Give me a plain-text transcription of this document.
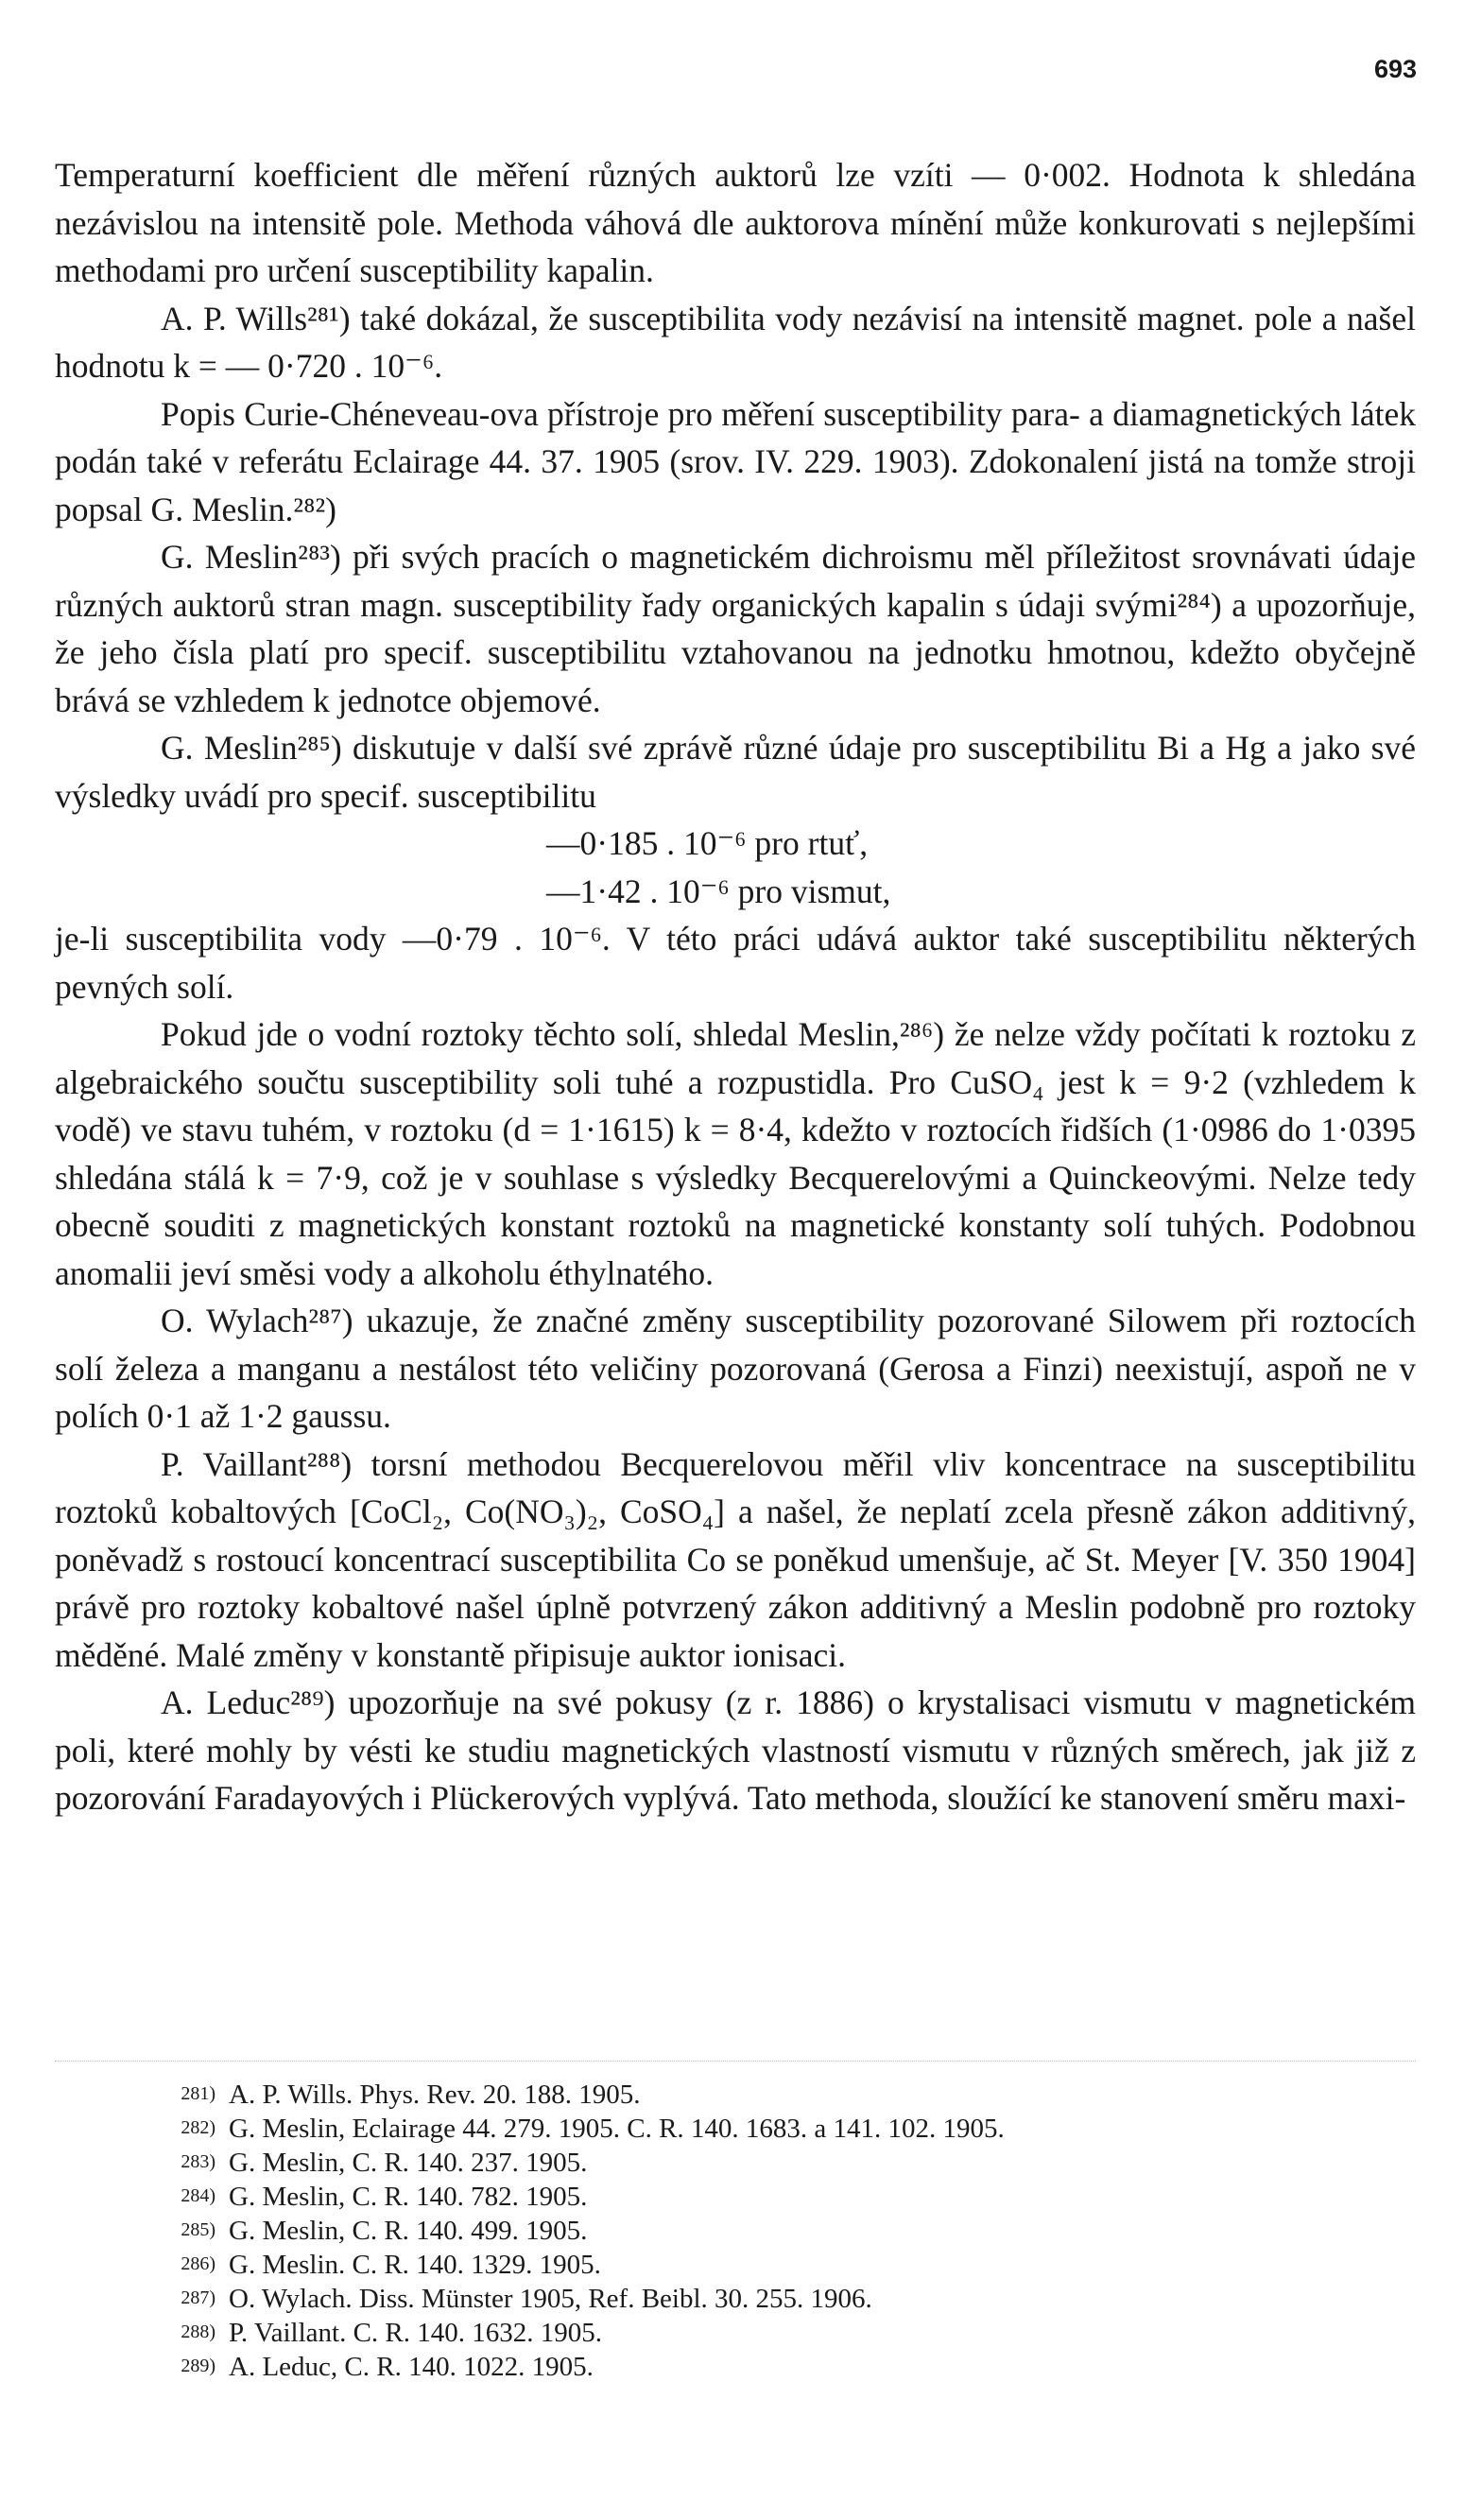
693

Temperaturní koefficient dle měření různých auktorů lze vzíti — 0·002. Hodnota k shledána nezávislou na intensitě pole. Methoda váhová dle auktorova mínění může konkurovati s nejlepšími methodami pro určení susceptibility kapalin.

A. P. Wills²⁸¹) také dokázal, že susceptibilita vody nezávisí na intensitě magnet. pole a našel hodnotu k = — 0·720 . 10⁻⁶.

Popis Curie-Chéneveau-ova přístroje pro měření susceptibility para- a diamagnetických látek podán také v referátu Eclairage 44. 37. 1905 (srov. IV. 229. 1903). Zdokonalení jistá na tomže stroji popsal G. Meslin.²⁸²)

G. Meslin²⁸³) při svých pracích o magnetickém dichroismu měl příležitost srovnávati údaje různých auktorů stran magn. susceptibility řady organických kapalin s údaji svými²⁸⁴) a upozorňuje, že jeho čísla platí pro specif. susceptibilitu vztahovanou na jednotku hmotnou, kdežto obyčejně brává se vzhledem k jednotce objemové.

G. Meslin²⁸⁵) diskutuje v další své zprávě různé údaje pro susceptibilitu Bi a Hg a jako své výsledky uvádí pro specif. susceptibilitu

—0·185 . 10⁻⁶ pro rtuť,

—1·42 . 10⁻⁶ pro vismut,

je-li susceptibilita vody —0·79 . 10⁻⁶. V této práci udává auktor také susceptibilitu některých pevných solí.

Pokud jde o vodní roztoky těchto solí, shledal Meslin,²⁸⁶) že nelze vždy počítati k roztoku z algebraického součtu susceptibility soli tuhé a rozpustidla. Pro CuSO₄ jest k = 9·2 (vzhledem k vodě) ve stavu tuhém, v roztoku (d = 1·1615) k = 8·4, kdežto v roztocích řidších (1·0986 do 1·0395 shledána stálá k = 7·9, což je v souhlase s výsledky Becquerelovými a Quinckeovými. Nelze tedy obecně souditi z magnetických konstant roztoků na magnetické konstanty solí tuhých. Podobnou anomalii jeví směsi vody a alkoholu éthylnatého.

O. Wylach²⁸⁷) ukazuje, že značné změny susceptibility pozorované Silowem při roztocích solí železa a manganu a nestálost této veličiny pozorovaná (Gerosa a Finzi) neexistují, aspoň ne v polích 0·1 až 1·2 gaussu.

P. Vaillant²⁸⁸) torsní methodou Becquerelovou měřil vliv koncentrace na susceptibilitu roztoků kobaltových [CoCl₂, Co(NO₃)₂, CoSO₄] a našel, že neplatí zcela přesně zákon additivný, poněvadž s rostoucí koncentrací susceptibilita Co se poněkud umenšuje, ač St. Meyer [V. 350 1904] právě pro roztoky kobaltové našel úplně potvrzený zákon additivný a Meslin podobně pro roztoky měděné. Malé změny v konstantě připisuje auktor ionisaci.

A. Leduc²⁸⁹) upozorňuje na své pokusy (z r. 1886) o krystalisaci vismutu v magnetickém poli, které mohly by vésti ke studiu magnetických vlastností vismutu v různých směrech, jak již z pozorování Faradayových i Plückerových vyplývá. Tato methoda, sloužící ke stanovení směru maxi-

281) A. P. Wills. Phys. Rev. 20. 188. 1905.
282) G. Meslin, Eclairage 44. 279. 1905. C. R. 140. 1683. a 141. 102. 1905.
283) G. Meslin, C. R. 140. 237. 1905.
284) G. Meslin, C. R. 140. 782. 1905.
285) G. Meslin, C. R. 140. 499. 1905.
286) G. Meslin. C. R. 140. 1329. 1905.
287) O. Wylach. Diss. Münster 1905, Ref. Beibl. 30. 255. 1906.
288) P. Vaillant. C. R. 140. 1632. 1905.
289) A. Leduc, C. R. 140. 1022. 1905.
